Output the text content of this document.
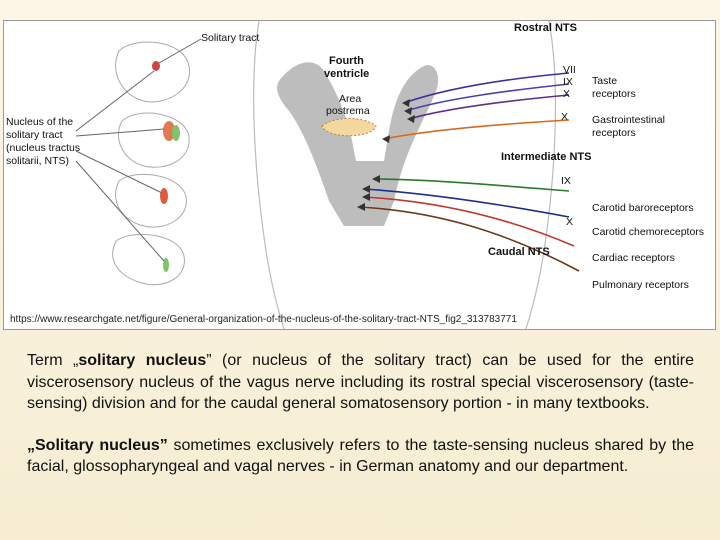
Solitary tract
Fourth
ventricle
Area
postrema
Nucleus of the
solitary tract
(nucleus tractus
solitarii, NTS)
Rostral NTS
Intermediate NTS
Caudal NTS
VII
IX
X
X
IX
X
Taste
receptors
Gastrointestinal
receptors
Carotid baroreceptors
Carotid chemoreceptors
Cardiac receptors
Pulmonary receptors
https://www.researchgate.net/figure/General-organization-of-the-nucleus-of-the-solitary-tract-NTS_fig2_313783771

Term „solitary nucleus” (or nucleus of the solitary tract) can be used for the entire viscerosensory nucleus of the vagus nerve including its rostral special viscerosensory (taste-sensing) division and for the caudal general somatosensory portion - in many textbooks.

„Solitary nucleus” sometimes exclusively refers to the taste-sensing nucleus shared by the facial, glossopharyngeal and vagal nerves - in German anatomy and our department.
